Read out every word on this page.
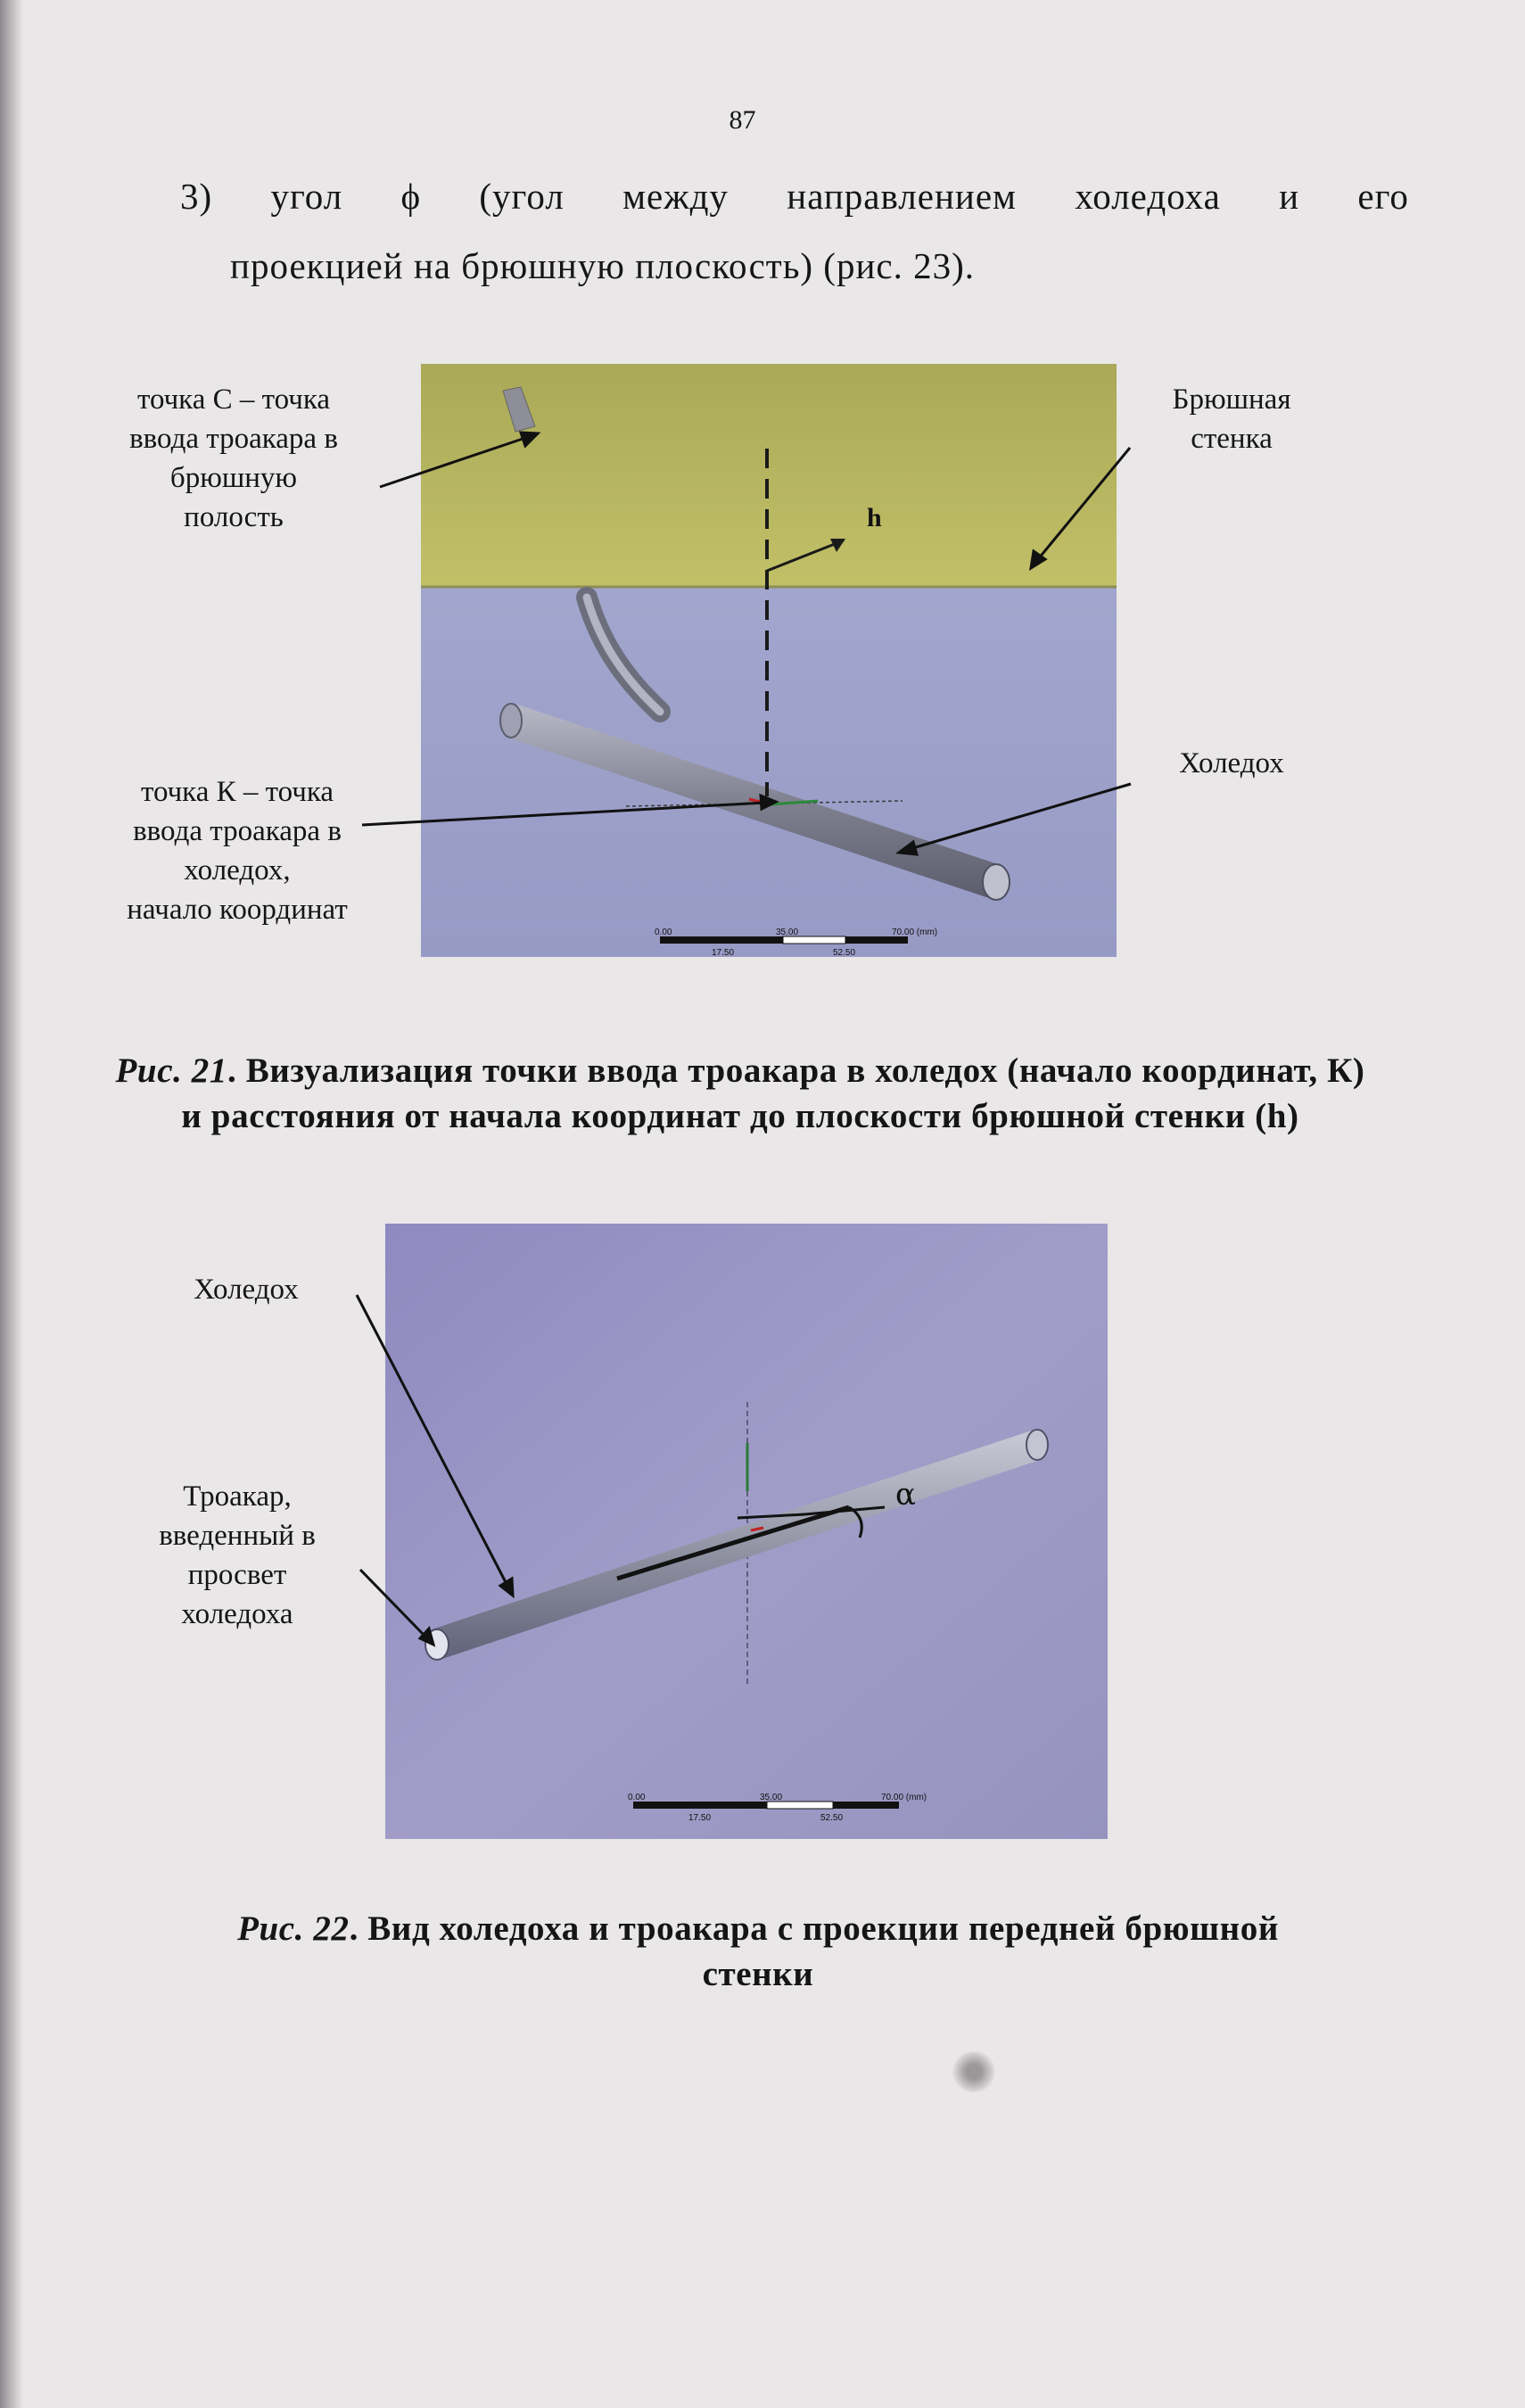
87
3) угол ϕ (угол между направлением холедоха и его
проекцией на брюшную плоскость) (рис. 23).
h
0.00	35.00	70.00 (mm)
17.50	52.50
точка С – точка
ввода троакара в
брюшную
полость
Брюшная
стенка
Холедох
точка К – точка
ввода троакара в
холедох,
начало координат

Рис. 21. Визуализация точки ввода троакара в холедох (начало координат, К) и расстояния от начала координат до плоскости брюшной стенки (h)
α
0.00	35.00	70.00 (mm)
17.50	52.50
Холедох
Троакар,
введенный в
просвет
холедоха
Рис. 22. Вид холедоха и троакара с проекции передней брюшной стенки
